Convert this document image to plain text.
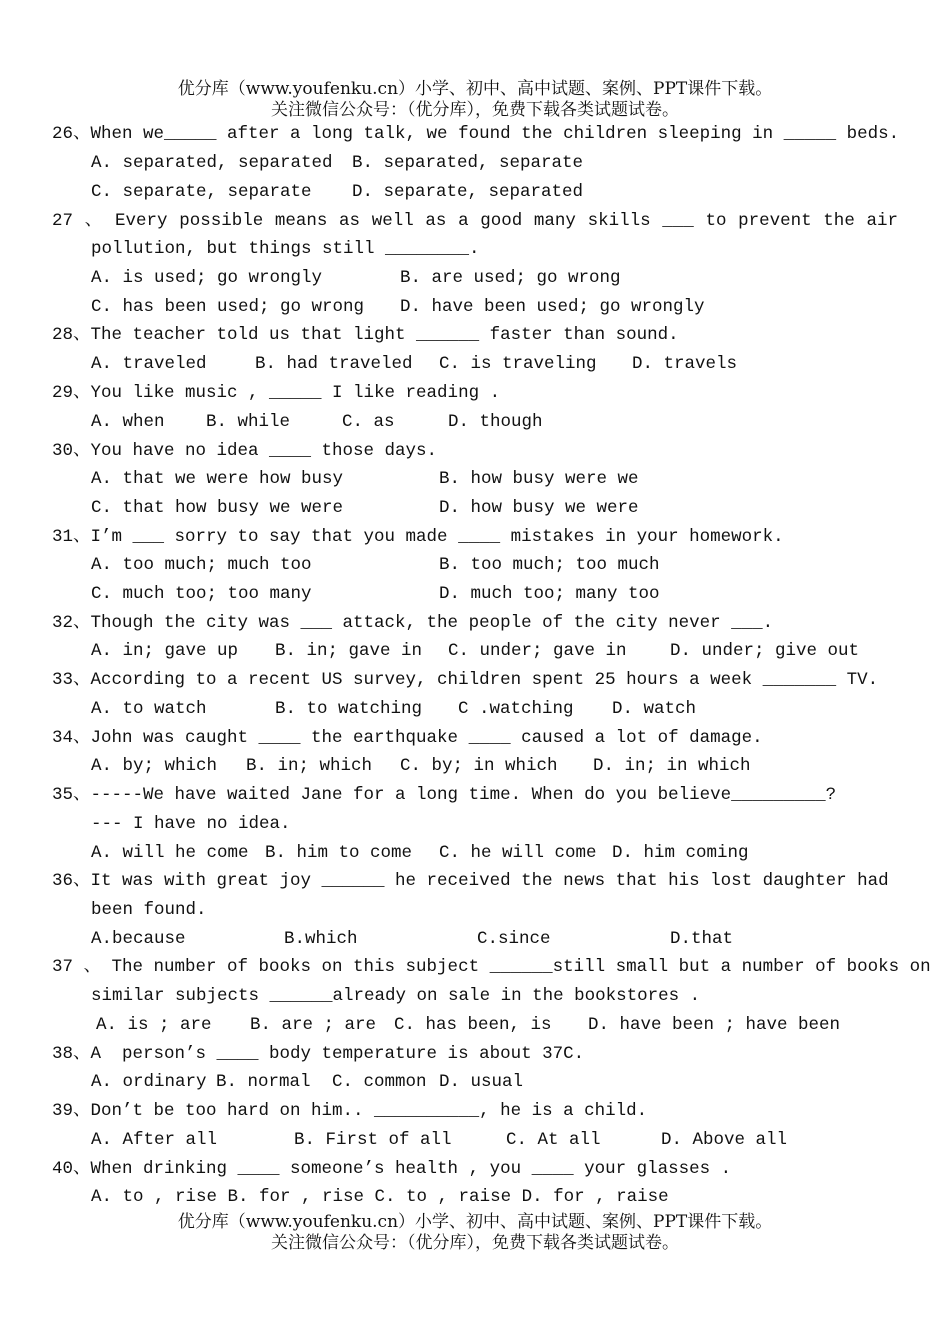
优分库（www.youfenku.cn）小学、初中、高中试题、案例、PPT课件下载。
关注微信公众号：（优分库），免费下载各类试题试卷。
26、When we_____ after a long talk, we found the children sleeping in _____ beds.
A. separated, separated B. separated, separate
C. separate, separate D. separate, separated
27 、 Every possible means as well as a good many skills ___ to prevent the air
pollution, but things still ________.
A. is used; go wrongly	B. are used; go wrong
C. has been used; go wrong D. have been used; go wrongly
28、The teacher told us that light ______ faster than sound.
A. traveled	B. had traveled C. is traveling D. travels
29、You like music , _____ I like reading .
A. when B. while	C. as	D. though
30、You have no idea ____ those days.
A. that we were how busy	B. how busy were we
C. that how busy we were	D. how busy we were
31、I’m ___ sorry to say that you made ____ mistakes in your homework.
A. too much; much too	B. too much; too much
C. much too; too many	D. much too; many too
32、Though the city was ___ attack, the people of the city never ___.
A. in; gave up B. in; gave in C. under; gave in D. under; give out
33、According to a recent US survey, children spent 25 hours a week _______ TV.
A. to watch	B. to watching C .watching D. watch
34、John was caught ____ the earthquake ____ caused a lot of damage.
A. by; which B. in; which C. by; in which D. in; in which
35、-----We have waited Jane for a long time. When do you believe_________?
--- I have no idea.
A. will he come B. him to come C. he will come D. him coming
36、It was with great joy ______ he received the news that his lost daughter had
been found.
A.because	B.which	C.since	D.that
37 、 The number of books on this subject ______still small but a number of books on
similar subjects ______already on sale in the bookstores .
A. is ; are B. are ; are C. has been, is D. have been ; have been
38、A  person’s ____ body temperature is about 37C.
A. ordinary B. normal C. common D. usual
39、Don’t be too hard on him.. __________, he is a child.
A. After all	B. First of all	C. At all	D. Above all
40、When drinking ____ someone’s health , you ____ your glasses .
A. to , rise B. for , rise C. to , raise D. for , raise
优分库（www.youfenku.cn）小学、初中、高中试题、案例、PPT课件下载。
关注微信公众号：（优分库），免费下载各类试题试卷。
